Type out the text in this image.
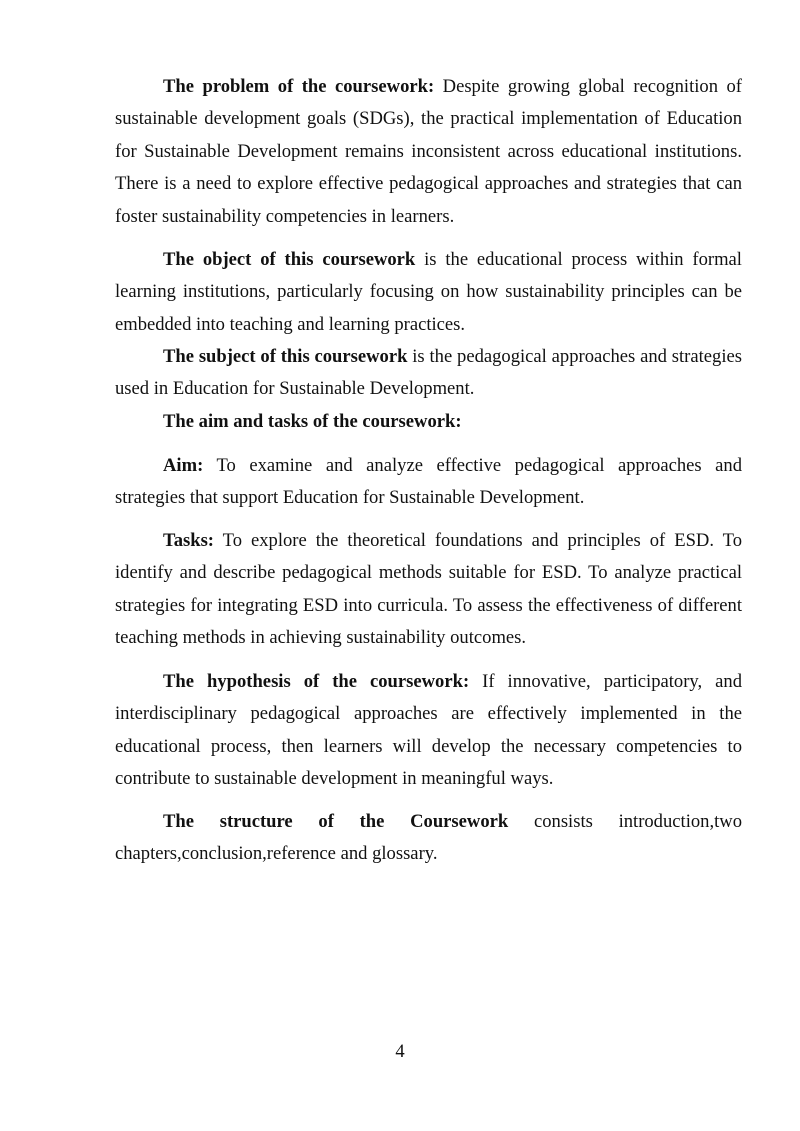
The problem of the coursework: Despite growing global recognition of sustainable development goals (SDGs), the practical implementation of Education for Sustainable Development remains inconsistent across educational institutions. There is a need to explore effective pedagogical approaches and strategies that can foster sustainability competencies in learners.

The object of this coursework is the educational process within formal learning institutions, particularly focusing on how sustainability principles can be embedded into teaching and learning practices.

The subject of this coursework is the pedagogical approaches and strategies used in Education for Sustainable Development.

The aim and tasks of the coursework:

Aim: To examine and analyze effective pedagogical approaches and strategies that support Education for Sustainable Development.

Tasks: To explore the theoretical foundations and principles of ESD. To identify and describe pedagogical methods suitable for ESD. To analyze practical strategies for integrating ESD into curricula. To assess the effectiveness of different teaching methods in achieving sustainability outcomes.

The hypothesis of the coursework: If innovative, participatory, and interdisciplinary pedagogical approaches are effectively implemented in the educational process, then learners will develop the necessary competencies to contribute to sustainable development in meaningful ways.

The structure of the Coursework consists introduction,two chapters,conclusion,reference and glossary.

4
